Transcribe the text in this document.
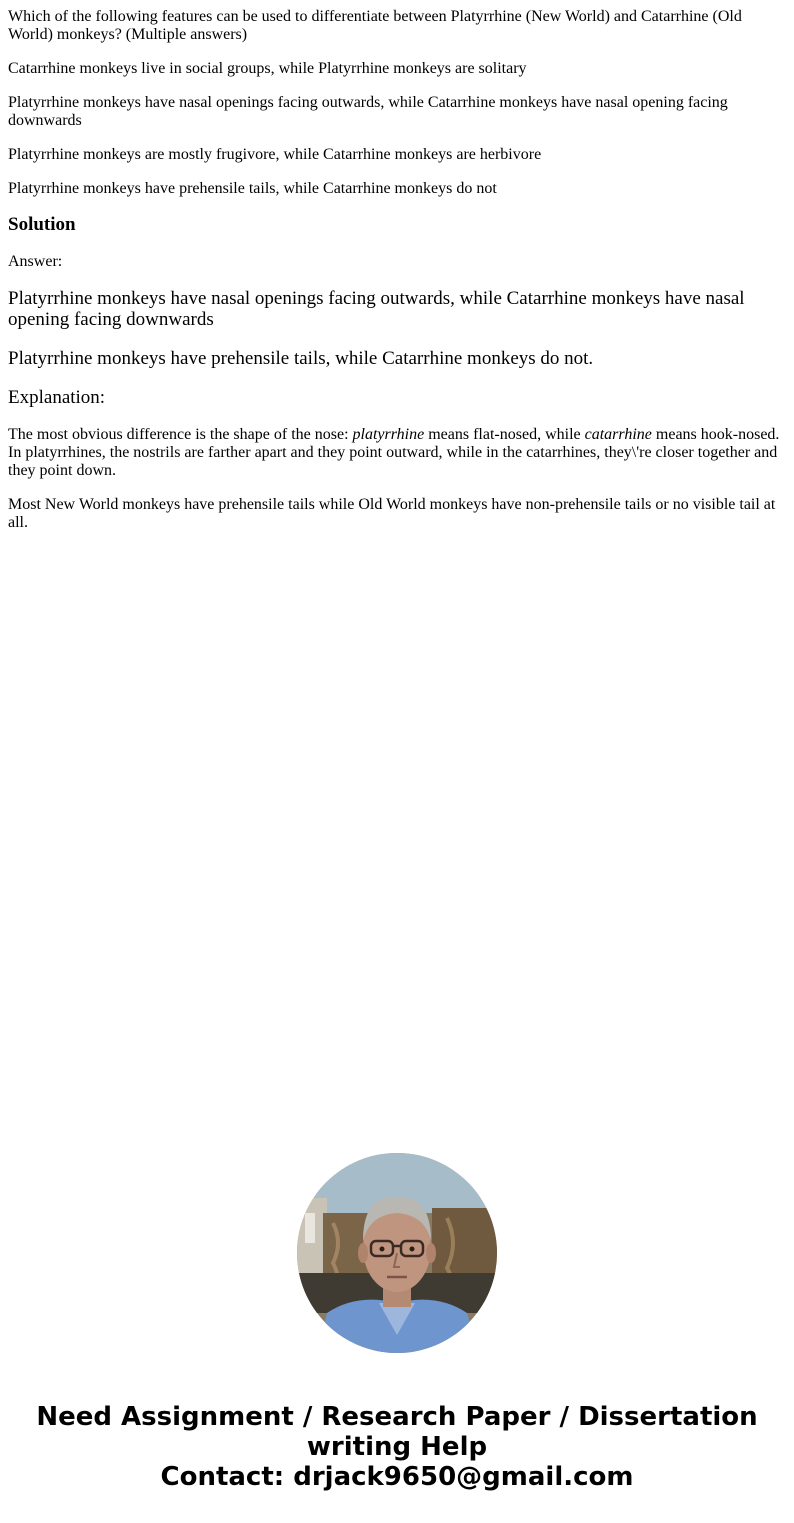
Which of the following features can be used to differentiate between Platyrrhine (New World) and Catarrhine (Old World) monkeys? (Multiple answers)

Catarrhine monkeys live in social groups, while Platyrrhine monkeys are solitary

Platyrrhine monkeys have nasal openings facing outwards, while Catarrhine monkeys have nasal opening facing downwards

Platyrrhine monkeys are mostly frugivore, while Catarrhine monkeys are herbivore

Platyrrhine monkeys have prehensile tails, while Catarrhine monkeys do not

Solution

Answer:

Platyrrhine monkeys have nasal openings facing outwards, while Catarrhine monkeys have nasal opening facing downwards

Platyrrhine monkeys have prehensile tails, while Catarrhine monkeys do not.

Explanation:

The most obvious difference is the shape of the nose: platyrrhine means flat-nosed, while catarrhine means hook-nosed. In platyrrhines, the nostrils are farther apart and they point outward, while in the catarrhines, they\'re closer together and they point down.

Most New World monkeys have prehensile tails while Old World monkeys have non-prehensile tails or no visible tail at all.

Need Assignment / Research Paper / Dissertation
writing Help
Contact: drjack9650@gmail.com
